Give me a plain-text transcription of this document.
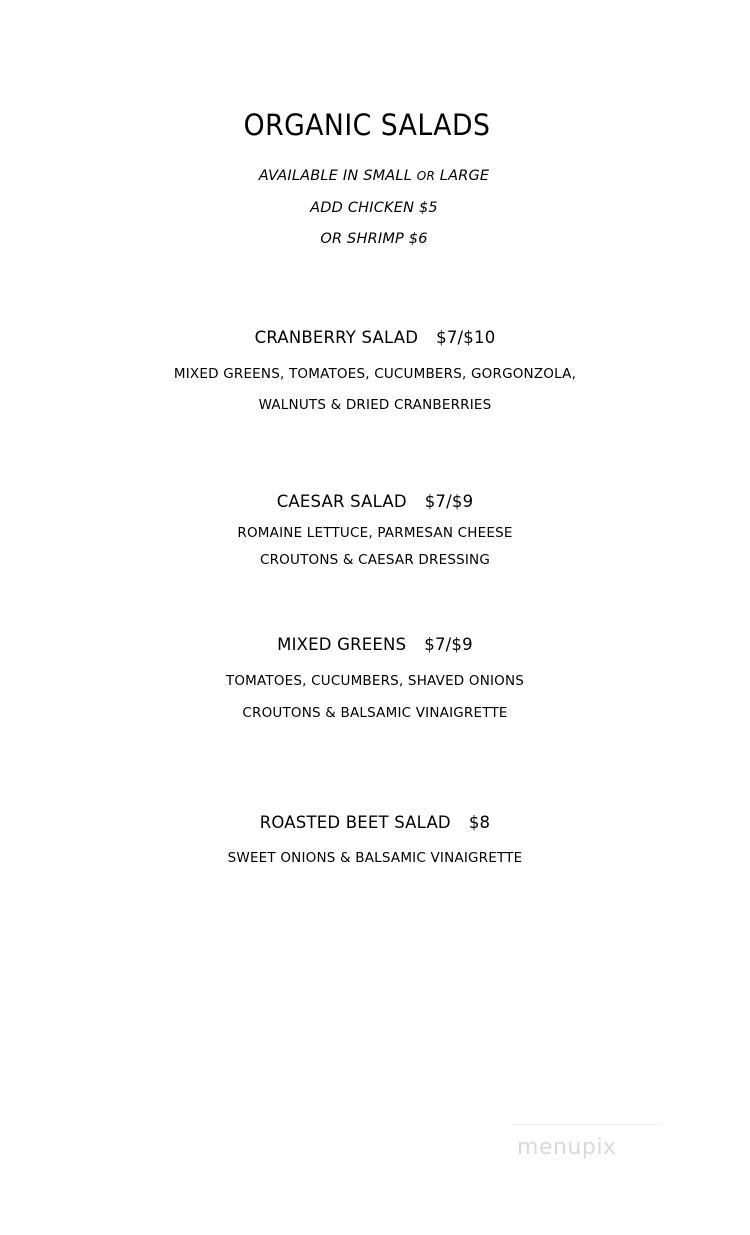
ORGANIC SALADS
AVAILABLE IN SMALL OR LARGE
ADD CHICKEN $5
OR SHRIMP $6
CRANBERRY SALAD $7/$10
MIXED GREENS, TOMATOES, CUCUMBERS, GORGONZOLA,
WALNUTS & DRIED CRANBERRIES
CAESAR SALAD $7/$9
ROMAINE LETTUCE, PARMESAN CHEESE
CROUTONS & CAESAR DRESSING
MIXED GREENS $7/$9
TOMATOES, CUCUMBERS, SHAVED ONIONS
CROUTONS & BALSAMIC VINAIGRETTE
ROASTED BEET SALAD $8
SWEET ONIONS & BALSAMIC VINAIGRETTE
menupix
